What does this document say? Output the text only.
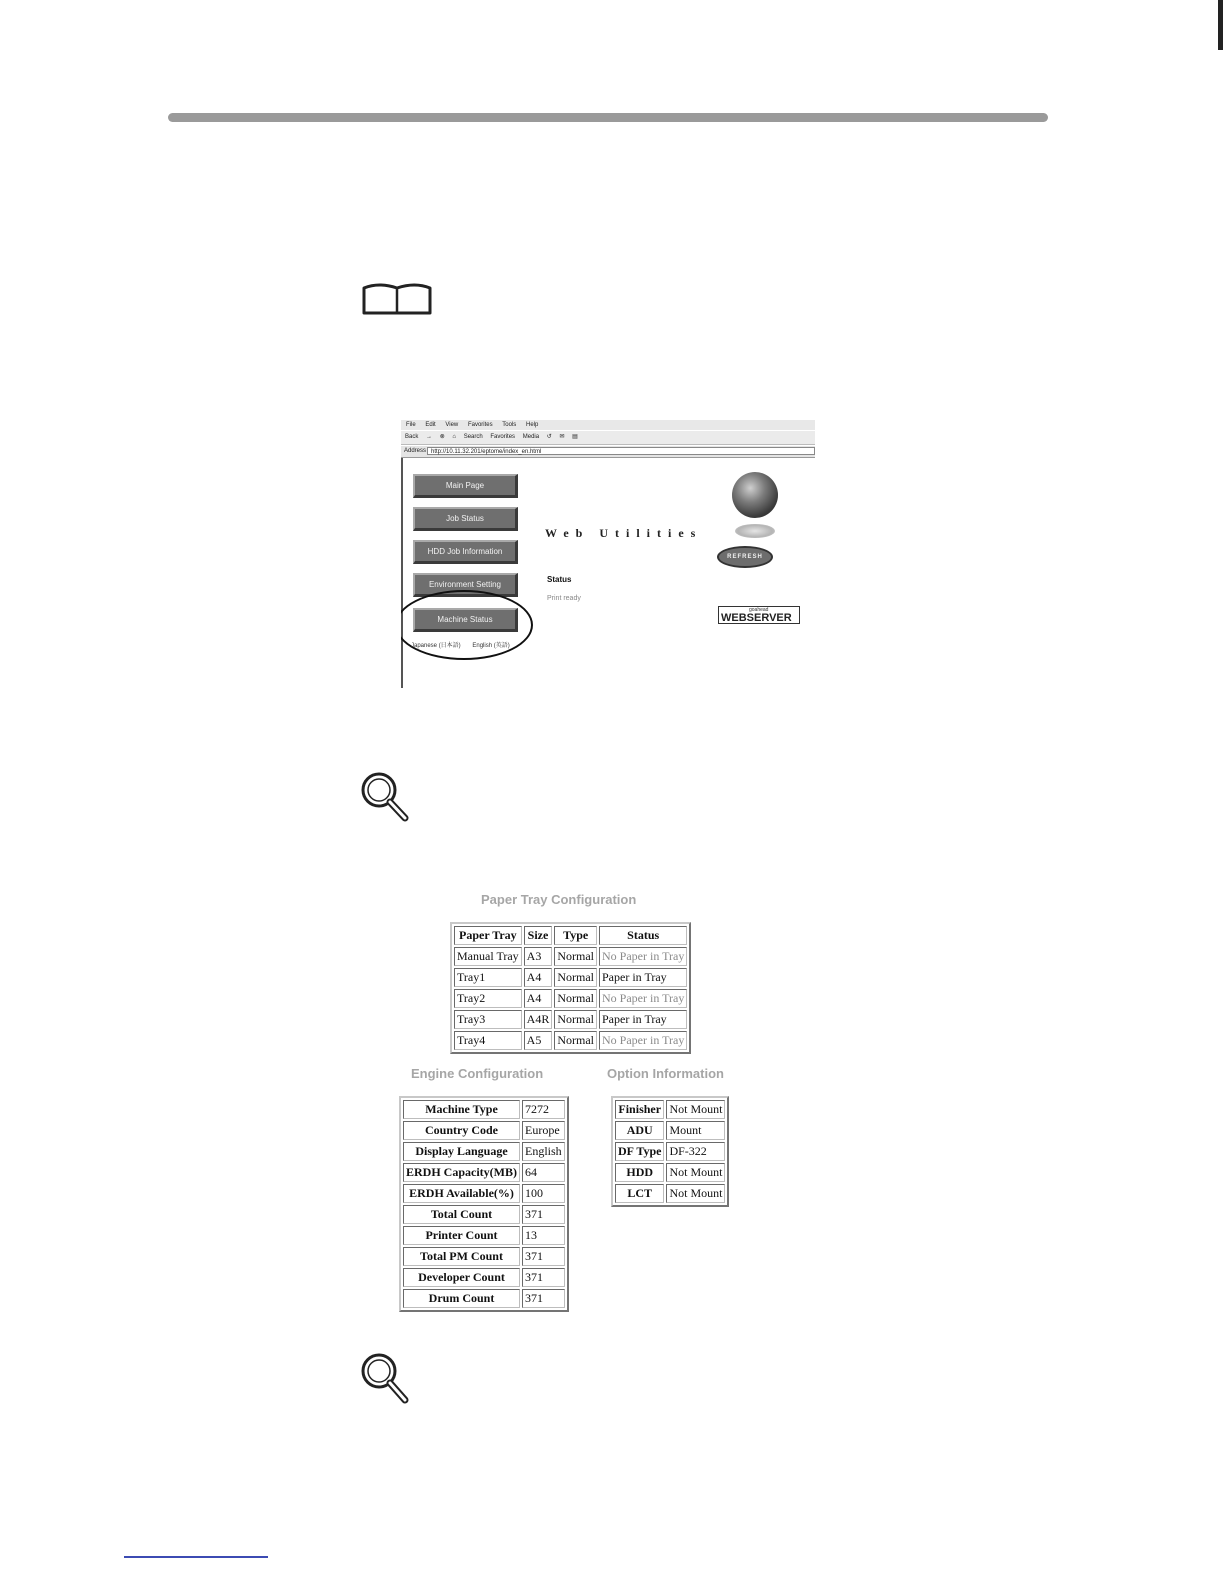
File Edit View Favorites Tools Help
Back → ⊗ ⌂ Search Favorites Media ↺ ✉ ▤
Address http://10.11.32.201/eptome/index_en.html
Main Page
Job Status
HDD Job Information
Environment Setting
Machine Status
Japanese (日本語) English (英語)
Web Utilities
Status
Print ready
REFRESH
goahead
WEBSERVER
Paper Tray Configuration
Paper Tray	Size	Type	Status
Manual Tray	A3	Normal	No Paper in Tray
Tray1	A4	Normal	Paper in Tray
Tray2	A4	Normal	No Paper in Tray
Tray3	A4R	Normal	Paper in Tray
Tray4	A5	Normal	No Paper in Tray
Engine Configuration
Machine Type	7272
Country Code	Europe
Display Language	English
ERDH Capacity(MB)	64
ERDH Available(%)	100
Total Count	371
Printer Count	13
Total PM Count	371
Developer Count	371
Drum Count	371
Option Information
Finisher	Not Mount
ADU	Mount
DF Type	DF-322
HDD	Not Mount
LCT	Not Mount
